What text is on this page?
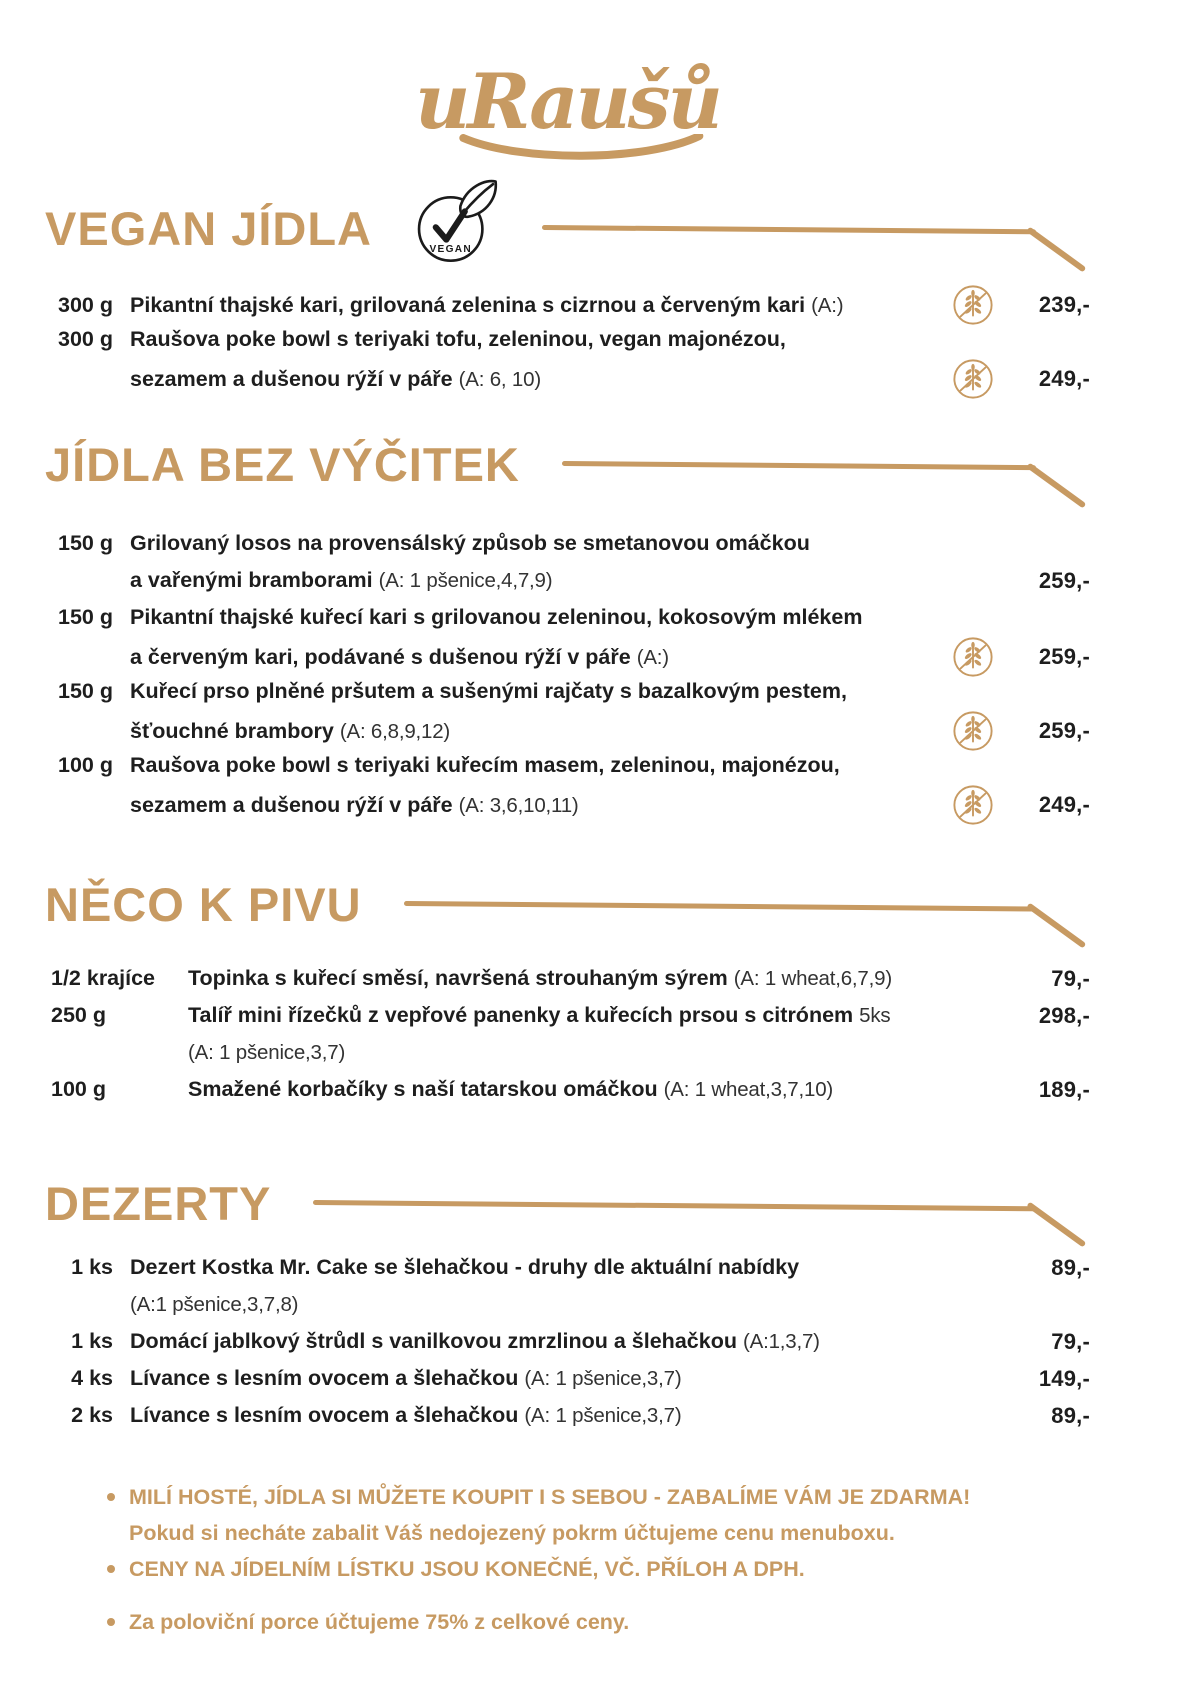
uRaušů
VEGAN JÍDLA	VEGAN
300 g Pikantní thajské kari, grilovaná zelenina s cizrnou a červeným kari (A:)	239,-
300 g Raušova poke bowl s teriyaki tofu, zeleninou, vegan majonézou,
sezamem a dušenou rýží v páře (A: 6, 10)	249,-
JÍDLA BEZ VÝČITEK
150 g Grilovaný losos na provensálský způsob se smetanovou omáčkou
a vařenými bramborami (A: 1 pšenice,4,7,9)	259,-
150 g Pikantní thajské kuřecí kari s grilovanou zeleninou, kokosovým mlékem
a červeným kari, podávané s dušenou rýží v páře (A:)	259,-
150 g Kuřecí prso plněné pršutem a sušenými rajčaty s bazalkovým pestem,
šťouchné brambory (A: 6,8,9,12)	259,-
100 g Raušova poke bowl s teriyaki kuřecím masem, zeleninou, majonézou,
sezamem a dušenou rýží v páře (A: 3,6,10,11)	249,-
NĚCO K PIVU
1/2 krajíce	Topinka s kuřecí směsí, navršená strouhaným sýrem (A: 1 wheat,6,7,9)	79,-
250 g	Talíř mini řízečků z vepřové panenky a kuřecích prsou s citrónem 5ks	298,-
(A: 1 pšenice,3,7)
100 g	Smažené korbačíky s naší tatarskou omáčkou (A: 1 wheat,3,7,10)	189,-
DEZERTY
1 ks Dezert Kostka Mr. Cake se šlehačkou - druhy dle aktuální nabídky	89,-
(A:1 pšenice,3,7,8)
1 ks Domácí jablkový štrůdl s vanilkovou zmrzlinou a šlehačkou (A:1,3,7)	79,-
4 ks Lívance s lesním ovocem a šlehačkou (A: 1 pšenice,3,7)	149,-
2 ks Lívance s lesním ovocem a šlehačkou (A: 1 pšenice,3,7)	89,-
MILÍ HOSTÉ, JÍDLA SI MŮŽETE KOUPIT I S SEBOU - ZABALÍME VÁM JE ZDARMA!
Pokud si necháte zabalit Váš nedojezený pokrm účtujeme cenu menuboxu.
CENY NA JÍDELNÍM LÍSTKU JSOU KONEČNÉ, VČ. PŘÍLOH A DPH.
Za poloviční porce účtujeme 75% z celkové ceny.
